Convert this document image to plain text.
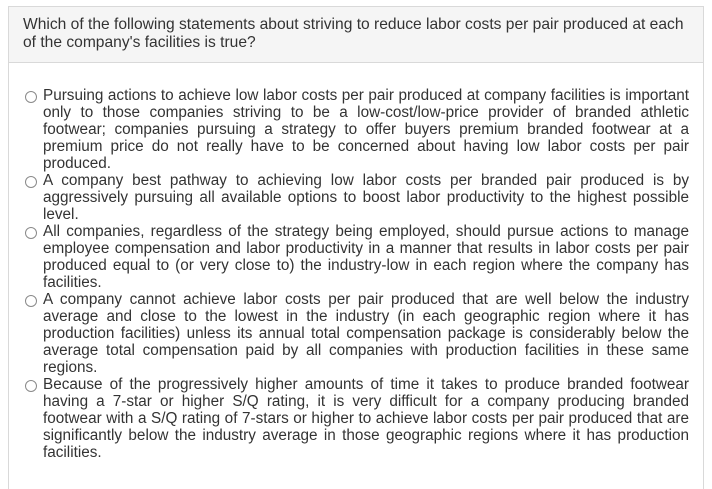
Which of the following statements about striving to reduce labor costs per pair produced at each of the company's facilities is true?
Pursuing actions to achieve low labor costs per pair produced at company facilities is important only to those companies striving to be a low-cost/low-price provider of branded athletic footwear; companies pursuing a strategy to offer buyers premium branded footwear at a premium price do not really have to be concerned about having low labor costs per pair produced.
A company best pathway to achieving low labor costs per branded pair produced is by aggressively pursuing all available options to boost labor productivity to the highest possible level.
All companies, regardless of the strategy being employed, should pursue actions to manage employee compensation and labor productivity in a manner that results in labor costs per pair produced equal to (or very close to) the industry-low in each region where the company has facilities.
A company cannot achieve labor costs per pair produced that are well below the industry average and close to the lowest in the industry (in each geographic region where it has production facilities) unless its annual total compensation package is considerably below the average total compensation paid by all companies with production facilities in these same regions.
Because of the progressively higher amounts of time it takes to produce branded footwear having a 7-star or higher S/Q rating, it is very difficult for a company producing branded footwear with a S/Q rating of 7-stars or higher to achieve labor costs per pair produced that are significantly below the industry average in those geographic regions where it has production facilities.
